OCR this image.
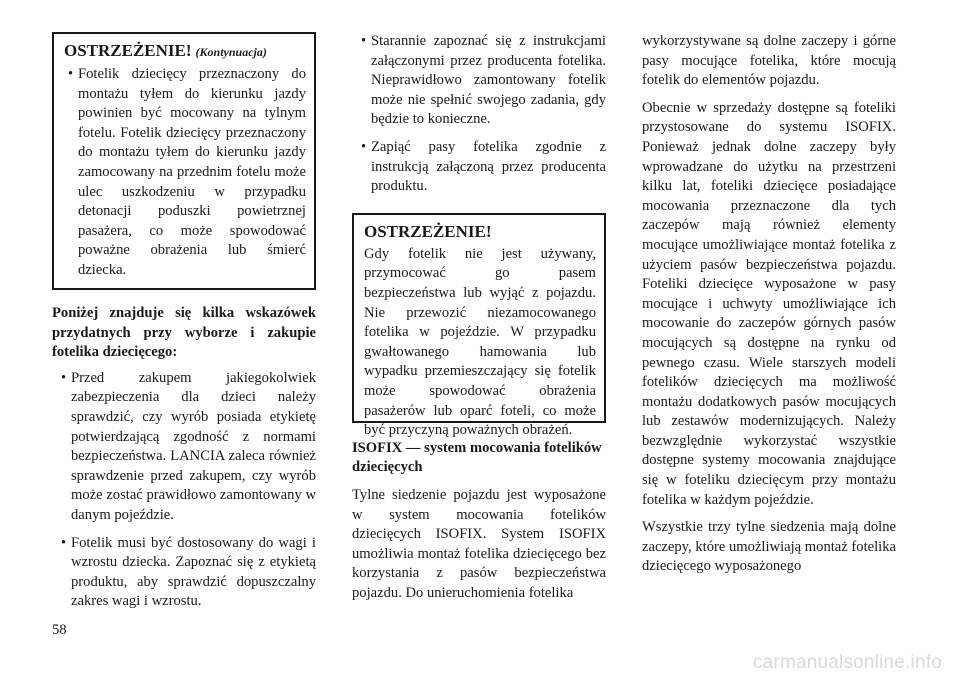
OSTRZEŻENIE! (Kontynuacja)
• Fotelik dziecięcy przeznaczony do montażu tyłem do kierunku jazdy powinien być mocowany na tylnym fotelu. Fotelik dziecięcy przeznaczony do montażu tyłem do kierunku jazdy zamocowany na przednim fotelu może ulec uszkodzeniu w przypadku detonacji poduszki powietrznej pasażera, co może spowodować poważne obrażenia lub śmierć dziecka.

Poniżej znajduje się kilka wskazówek przydatnych przy wyborze i zakupie fotelika dziecięcego:

• Przed zakupem jakiegokolwiek zabezpieczenia dla dzieci należy sprawdzić, czy wyrób posiada etykietę potwierdzającą zgodność z normami bezpieczeństwa. LANCIA zaleca również sprawdzenie przed zakupem, czy wyrób może zostać prawidłowo zamontowany w danym pojeździe.
• Fotelik musi być dostosowany do wagi i wzrostu dziecka. Zapoznać się z etykietą produktu, aby sprawdzić dopuszczalny zakres wagi i wzrostu.
• Starannie zapoznać się z instrukcjami załączonymi przez producenta fotelika. Nieprawidłowo zamontowany fotelik może nie spełnić swojego zadania, gdy będzie to konieczne.
• Zapiąć pasy fotelika zgodnie z instrukcją załączoną przez producenta produktu.
OSTRZEŻENIE!

Gdy fotelik nie jest używany, przymocować go pasem bezpieczeństwa lub wyjąć z pojazdu. Nie przewozić niezamocowanego fotelika w pojeździe. W przypadku gwałtowanego hamowania lub wypadku przemieszczający się fotelik może spowodować obrażenia pasażerów lub oparć foteli, co może być przyczyną poważnych obrażeń.

ISOFIX — system mocowania fotelików dziecięcych

Tylne siedzenie pojazdu jest wyposażone w system mocowania fotelików dziecięcych ISOFIX. System ISOFIX umożliwia montaż fotelika dziecięcego bez korzystania z pasów bezpieczeństwa pojazdu. Do unieruchomienia fotelika

wykorzystywane są dolne zaczepy i górne pasy mocujące fotelika, które mocują fotelik do elementów pojazdu.

Obecnie w sprzedaży dostępne są foteliki przystosowane do systemu ISOFIX. Ponieważ jednak dolne zaczepy były wprowadzane do użytku na przestrzeni kilku lat, foteliki dziecięce posiadające mocowania przeznaczone dla tych zaczepów mają również elementy mocujące umożliwiające montaż fotelika z użyciem pasów bezpieczeństwa pojazdu. Foteliki dziecięce wyposażone w pasy mocujące i uchwyty umożliwiające ich mocowanie do zaczepów górnych pasów mocujących są dostępne na rynku od pewnego czasu. Wiele starszych modeli fotelików dziecięcych ma możliwość montażu dodatkowych pasów mocujących lub zestawów modernizujących. Należy bezwzględnie wykorzystać wszystkie dostępne systemy mocowania znajdujące się w foteliku dziecięcym przy montażu fotelika w każdym pojeździe.

Wszystkie trzy tylne siedzenia mają dolne zaczepy, które umożliwiają montaż fotelika dziecięcego wyposażonego

58
carmanualsonline.info
